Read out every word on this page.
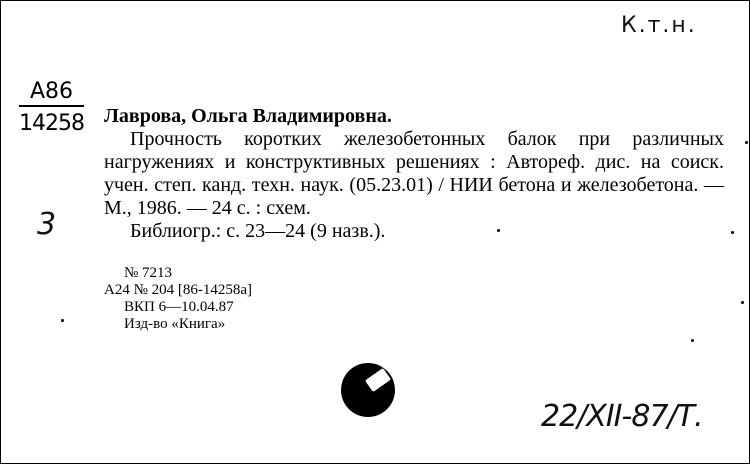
К.т.н.
А86
14258
3
Лаврова, Ольга Владимировна.
Прочность коротких железобетонных балок при различных нагружениях и конструктивных решениях : Автореф. дис. на соиск. учен. степ. канд. техн. наук. (05.23.01) / НИИ бетона и железобетона. — М., 1986. — 24 с. : схем.
Библиогр.: с. 23—24 (9 назв.).
№ 7213
А24 № 204 [86-14258а]
ВКП 6—10.04.87
Изд-во «Книга»
22/XII-87/Т.
